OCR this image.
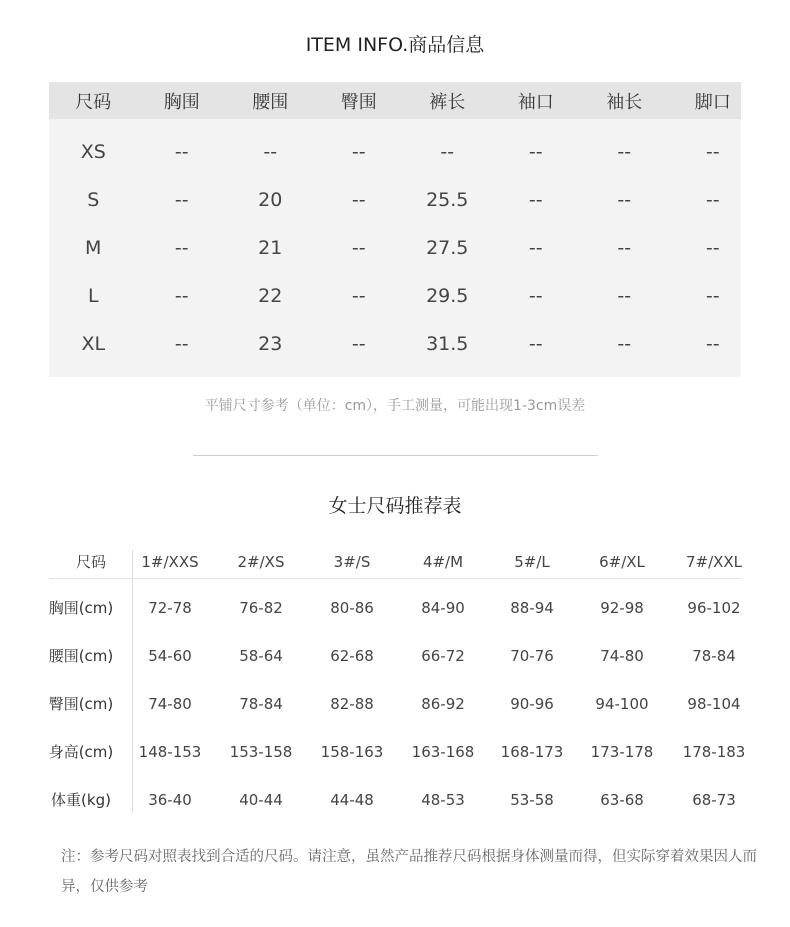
ITEM INFO.商品信息
尺码	胸围	腰围	臀围	裤长	袖口	袖长	脚口
XS	--	--	--	--	--	--	--
S	--	20	--	25.5	--	--	--
M	--	21	--	27.5	--	--	--
L	--	22	--	29.5	--	--	--
XL	--	23	--	31.5	--	--	--
平铺尺寸参考（单位：cm），手工测量，可能出现1-3cm误差
女士尺码推荐表
尺码	1#/XXS	2#/XS	3#/S	4#/M	5#/L	6#/XL	7#/XXL
胸围(cm)	72-78	76-82	80-86	84-90	88-94	92-98	96-102
腰围(cm)	54-60	58-64	62-68	66-72	70-76	74-80	78-84
臀围(cm)	74-80	78-84	82-88	86-92	90-96	94-100	98-104
身高(cm)	148-153	153-158	158-163	163-168	168-173	173-178	178-183
体重(kg)	36-40	40-44	44-48	48-53	53-58	63-68	68-73
注：参考尺码对照表找到合适的尺码。请注意，虽然产品推荐尺码根据身体测量而得，但实际穿着效果因人而异，仅供参考
